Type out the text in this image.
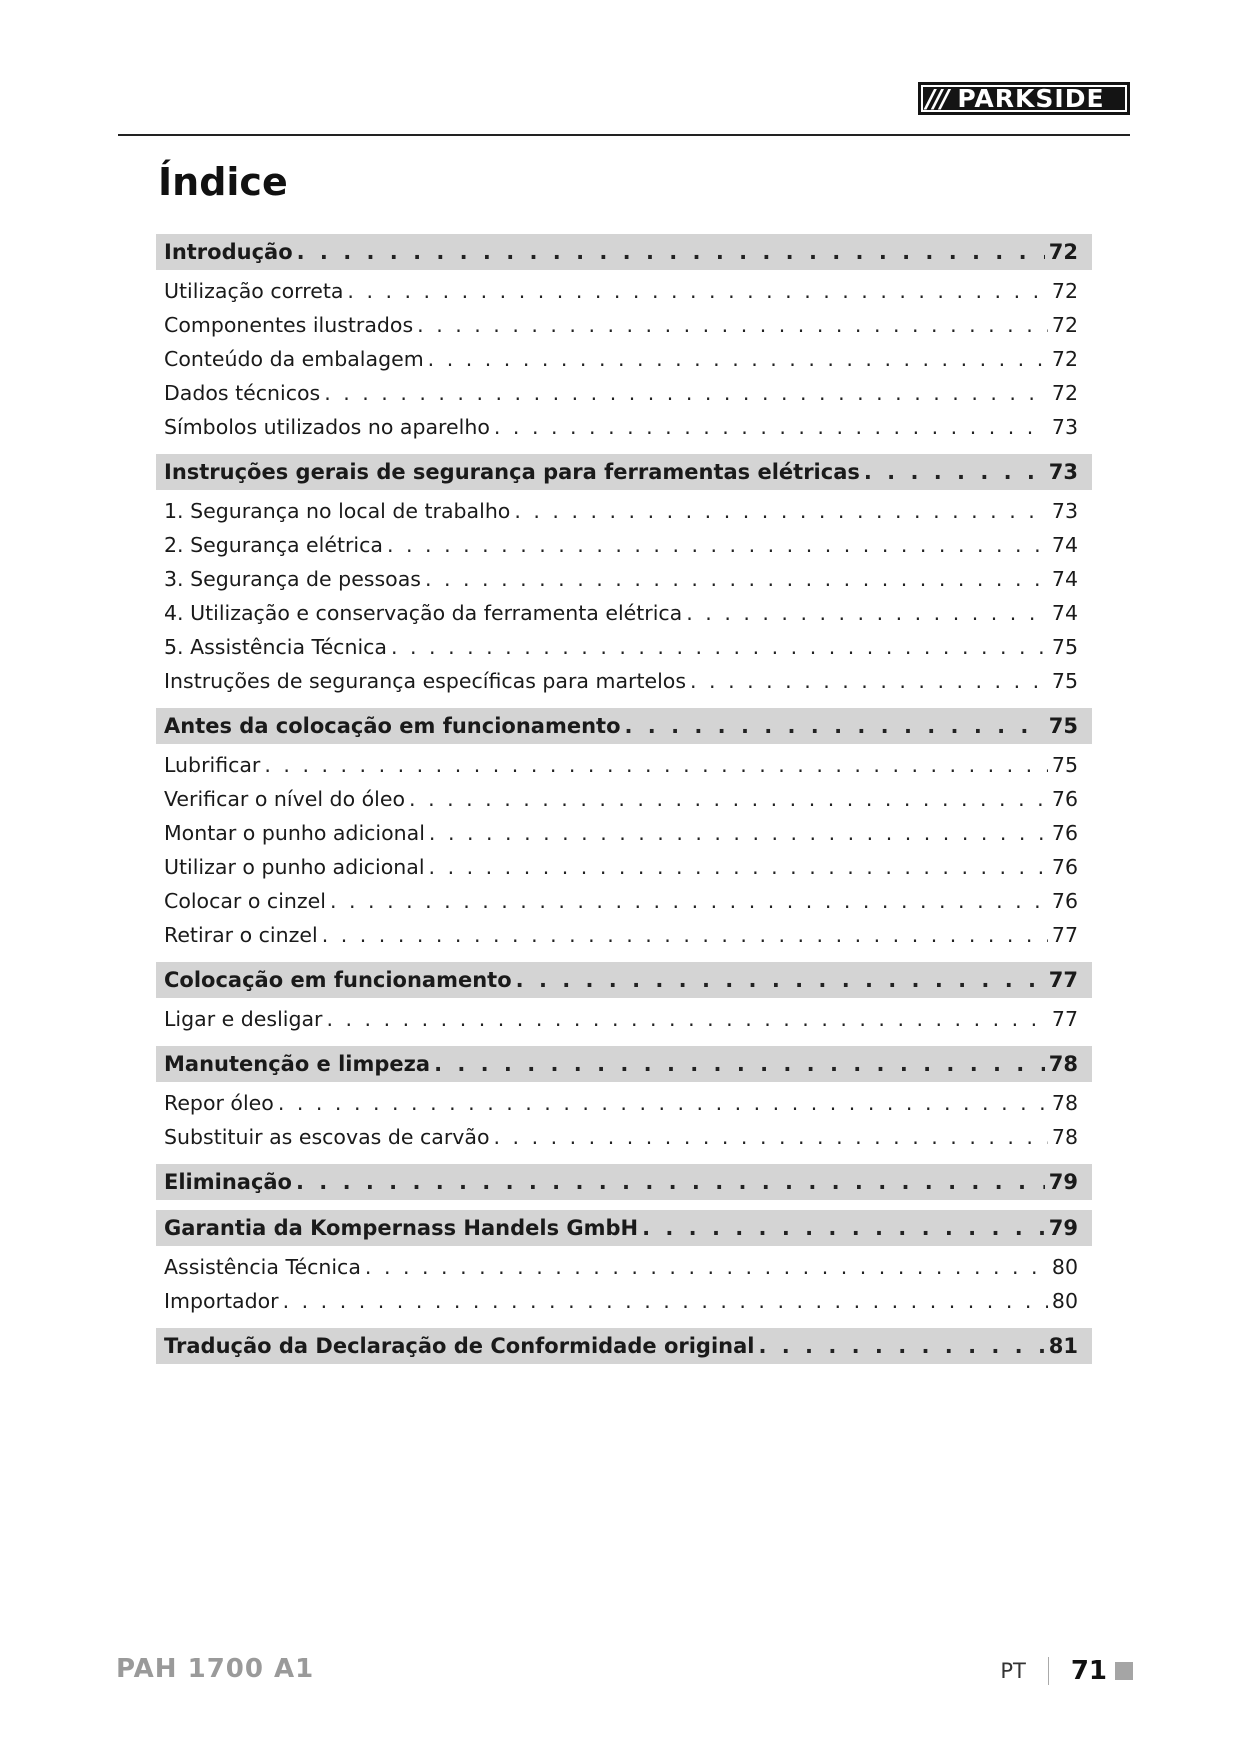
/// PARKSIDE
Índice
Introdução . . .	72
Utilização correta . . .	72
Componentes ilustrados . . .	72
Conteúdo da embalagem . . .	72
Dados técnicos . . .	72
Símbolos utilizados no aparelho . . .	73
Instruções gerais de segurança para ferramentas elétricas . . .	73
1. Segurança no local de trabalho . . .	73
2. Segurança elétrica . . .	74
3. Segurança de pessoas . . .	74
4. Utilização e conservação da ferramenta elétrica . . .	74
5. Assistência Técnica . . .	75
Instruções de segurança específicas para martelos . . .	75
Antes da colocação em funcionamento . . .	75
Lubrificar . . .	75
Verificar o nível do óleo . . .	76
Montar o punho adicional . . .	76
Utilizar o punho adicional . . .	76
Colocar o cinzel . . .	76
Retirar o cinzel . . .	77
Colocação em funcionamento . . .	77
Ligar e desligar . . .	77
Manutenção e limpeza . . .	78
Repor óleo . . .	78
Substituir as escovas de carvão . . .	78
Eliminação . . .	79
Garantia da Kompernass Handels GmbH . . .	79
Assistência Técnica . . .	80
Importador . . .	80
Tradução da Declaração de Conformidade original . . .	81
PAH 1700 A1	PT 71
